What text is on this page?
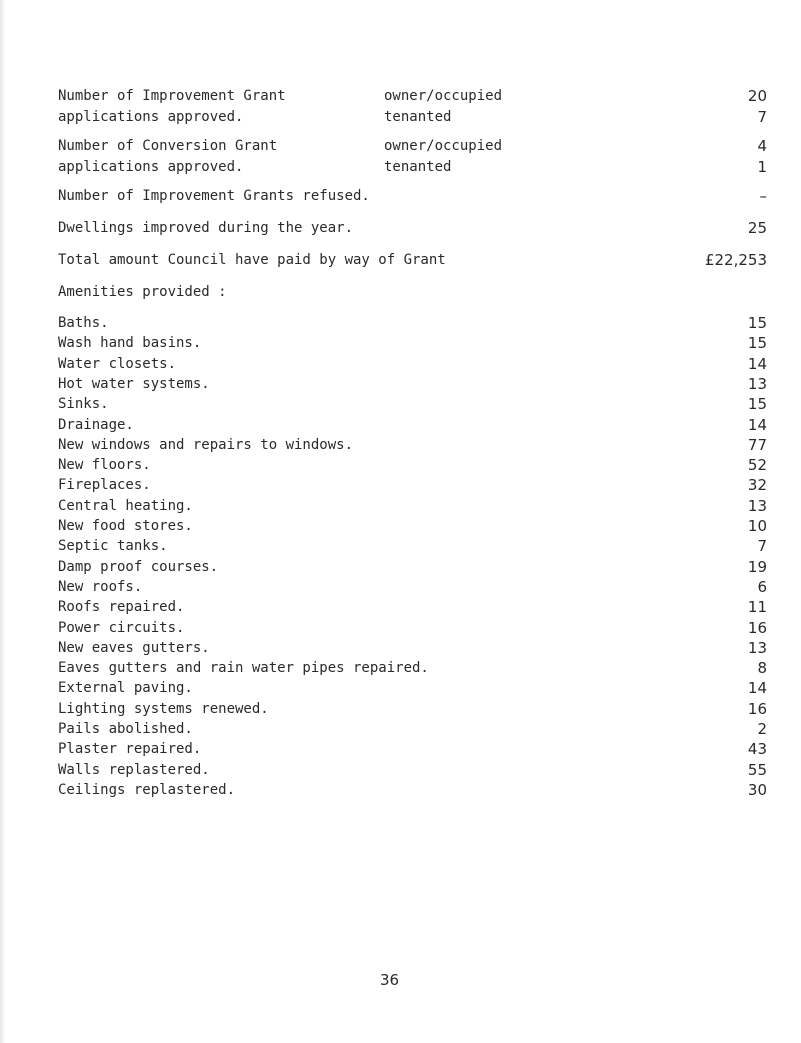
Number of Improvement Grant	owner/occupied	20
applications approved.	tenanted	7
Number of Conversion Grant	owner/occupied	4
applications approved.	tenanted	1
Number of Improvement Grants refused.	–
Dwellings improved during the year.	25
Total amount Council have paid by way of Grant	£22,253
Amenities provided :
Baths.	15
Wash hand basins.	15
Water closets.	14
Hot water systems.	13
Sinks.	15
Drainage.	14
New windows and repairs to windows.	77
New floors.	52
Fireplaces.	32
Central heating.	13
New food stores.	10
Septic tanks.	7
Damp proof courses.	19
New roofs.	6
Roofs repaired.	11
Power circuits.	16
New eaves gutters.	13
Eaves gutters and rain water pipes repaired.	8
External paving.	14
Lighting systems renewed.	16
Pails abolished.	2
Plaster repaired.	43
Walls replastered.	55
Ceilings replastered.	30
36
